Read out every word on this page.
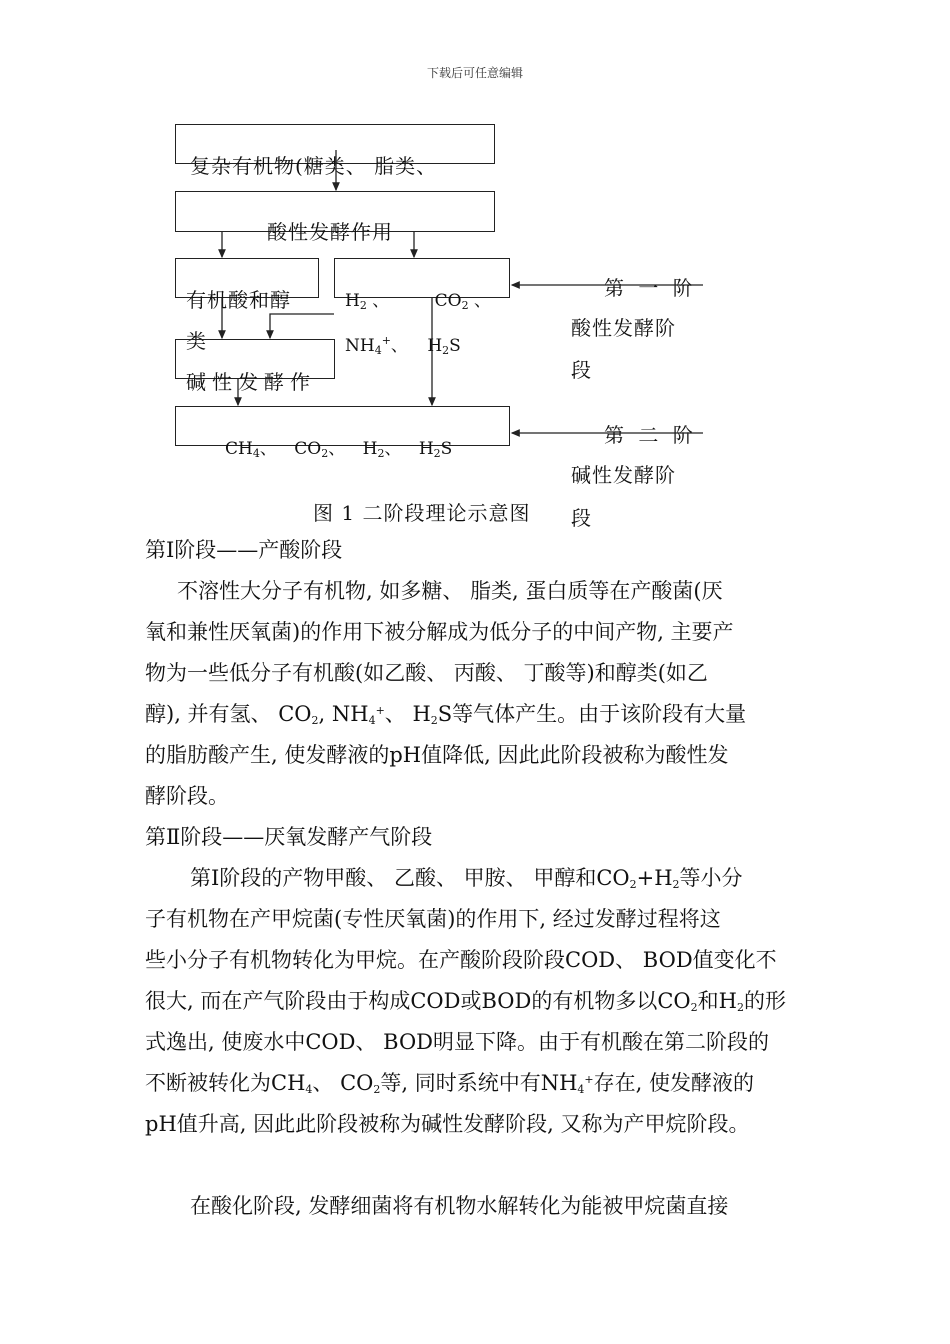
下载后可任意编辑
复杂有机物(糖类、 脂类、
酸性发酵作用
有机酸和醇
类
$H_2$ 、	$CO_2$ 、
$NH_4^+$、 $H_2S$
碱性发酵作
$CH_4$、 $CO_2$、 $H_2$、 $H_2S$
第 一 阶
酸性发酵阶
段
第 二 阶
碱性发酵阶
段
图 1 二阶段理论示意图
第Ⅰ阶段——产酸阶段
不溶性大分子有机物, 如多糖、 脂类, 蛋白质等在产酸菌(厌
氧和兼性厌氧菌)的作用下被分解成为低分子的中间产物, 主要产
物为一些低分子有机酸(如乙酸、 丙酸、 丁酸等)和醇类(如乙
醇), 并有氢、 $CO_2$, $NH_4^+$、 $H_2S$等气体产生。由于该阶段有大量
的脂肪酸产生, 使发酵液的pH值降低, 因此此阶段被称为酸性发
酵阶段。
第Ⅱ阶段——厌氧发酵产气阶段
第Ⅰ阶段的产物甲酸、 乙酸、 甲胺、 甲醇和$CO_2+H_2$等小分
子有机物在产甲烷菌(专性厌氧菌)的作用下, 经过发酵过程将这
些小分子有机物转化为甲烷。在产酸阶段阶段COD、 BOD值变化不
很大, 而在产气阶段由于构成COD或BOD的有机物多以$CO_2$和$H_2$的形
式逸出, 使废水中COD、 BOD明显下降。由于有机酸在第二阶段的
不断被转化为$CH_4$、 $CO_2$等, 同时系统中有$NH_4^+$存在, 使发酵液的
pH值升高, 因此此阶段被称为碱性发酵阶段, 又称为产甲烷阶段。
在酸化阶段, 发酵细菌将有机物水解转化为能被甲烷菌直接
